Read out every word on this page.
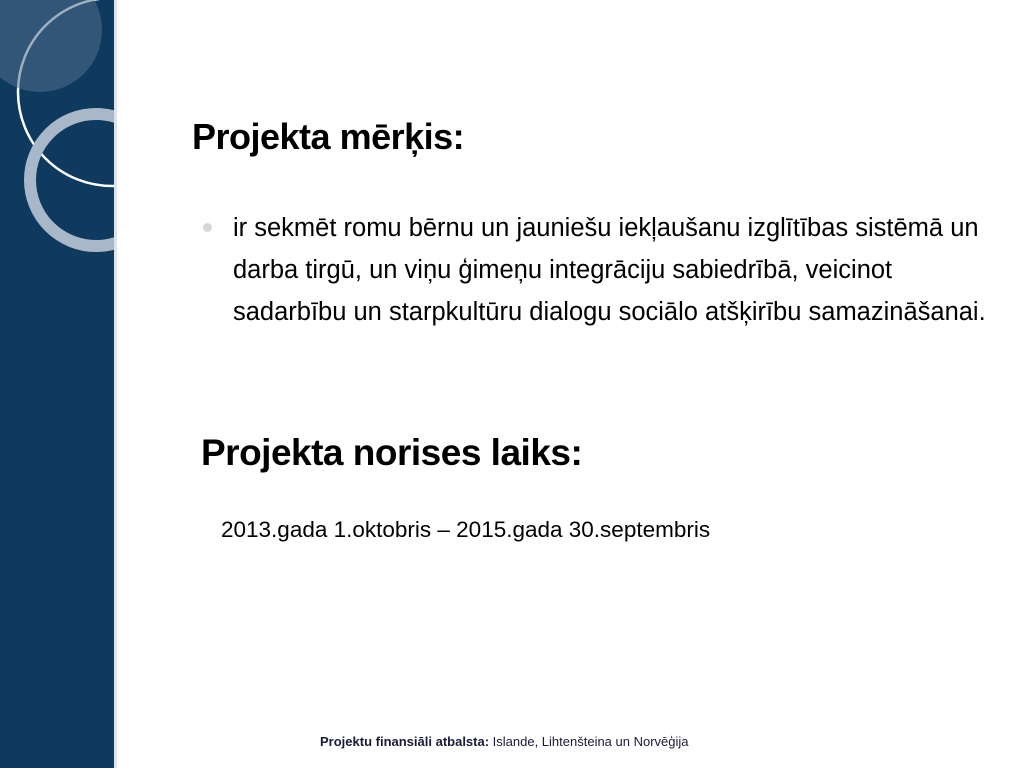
Projekta mērķis:
ir sekmēt romu bērnu un jauniešu iekļaušanu izglītības sistēmā un darba tirgū, un viņu ģimeņu integrāciju sabiedrībā, veicinot sadarbību un starpkultūru dialogu sociālo atšķirību samazināšanai.
Projekta norises laiks:
2013.gada 1.oktobris – 2015.gada 30.septembris
Projektu finansiāli atbalsta: Islande, Lihtenšteina un Norvēģija
